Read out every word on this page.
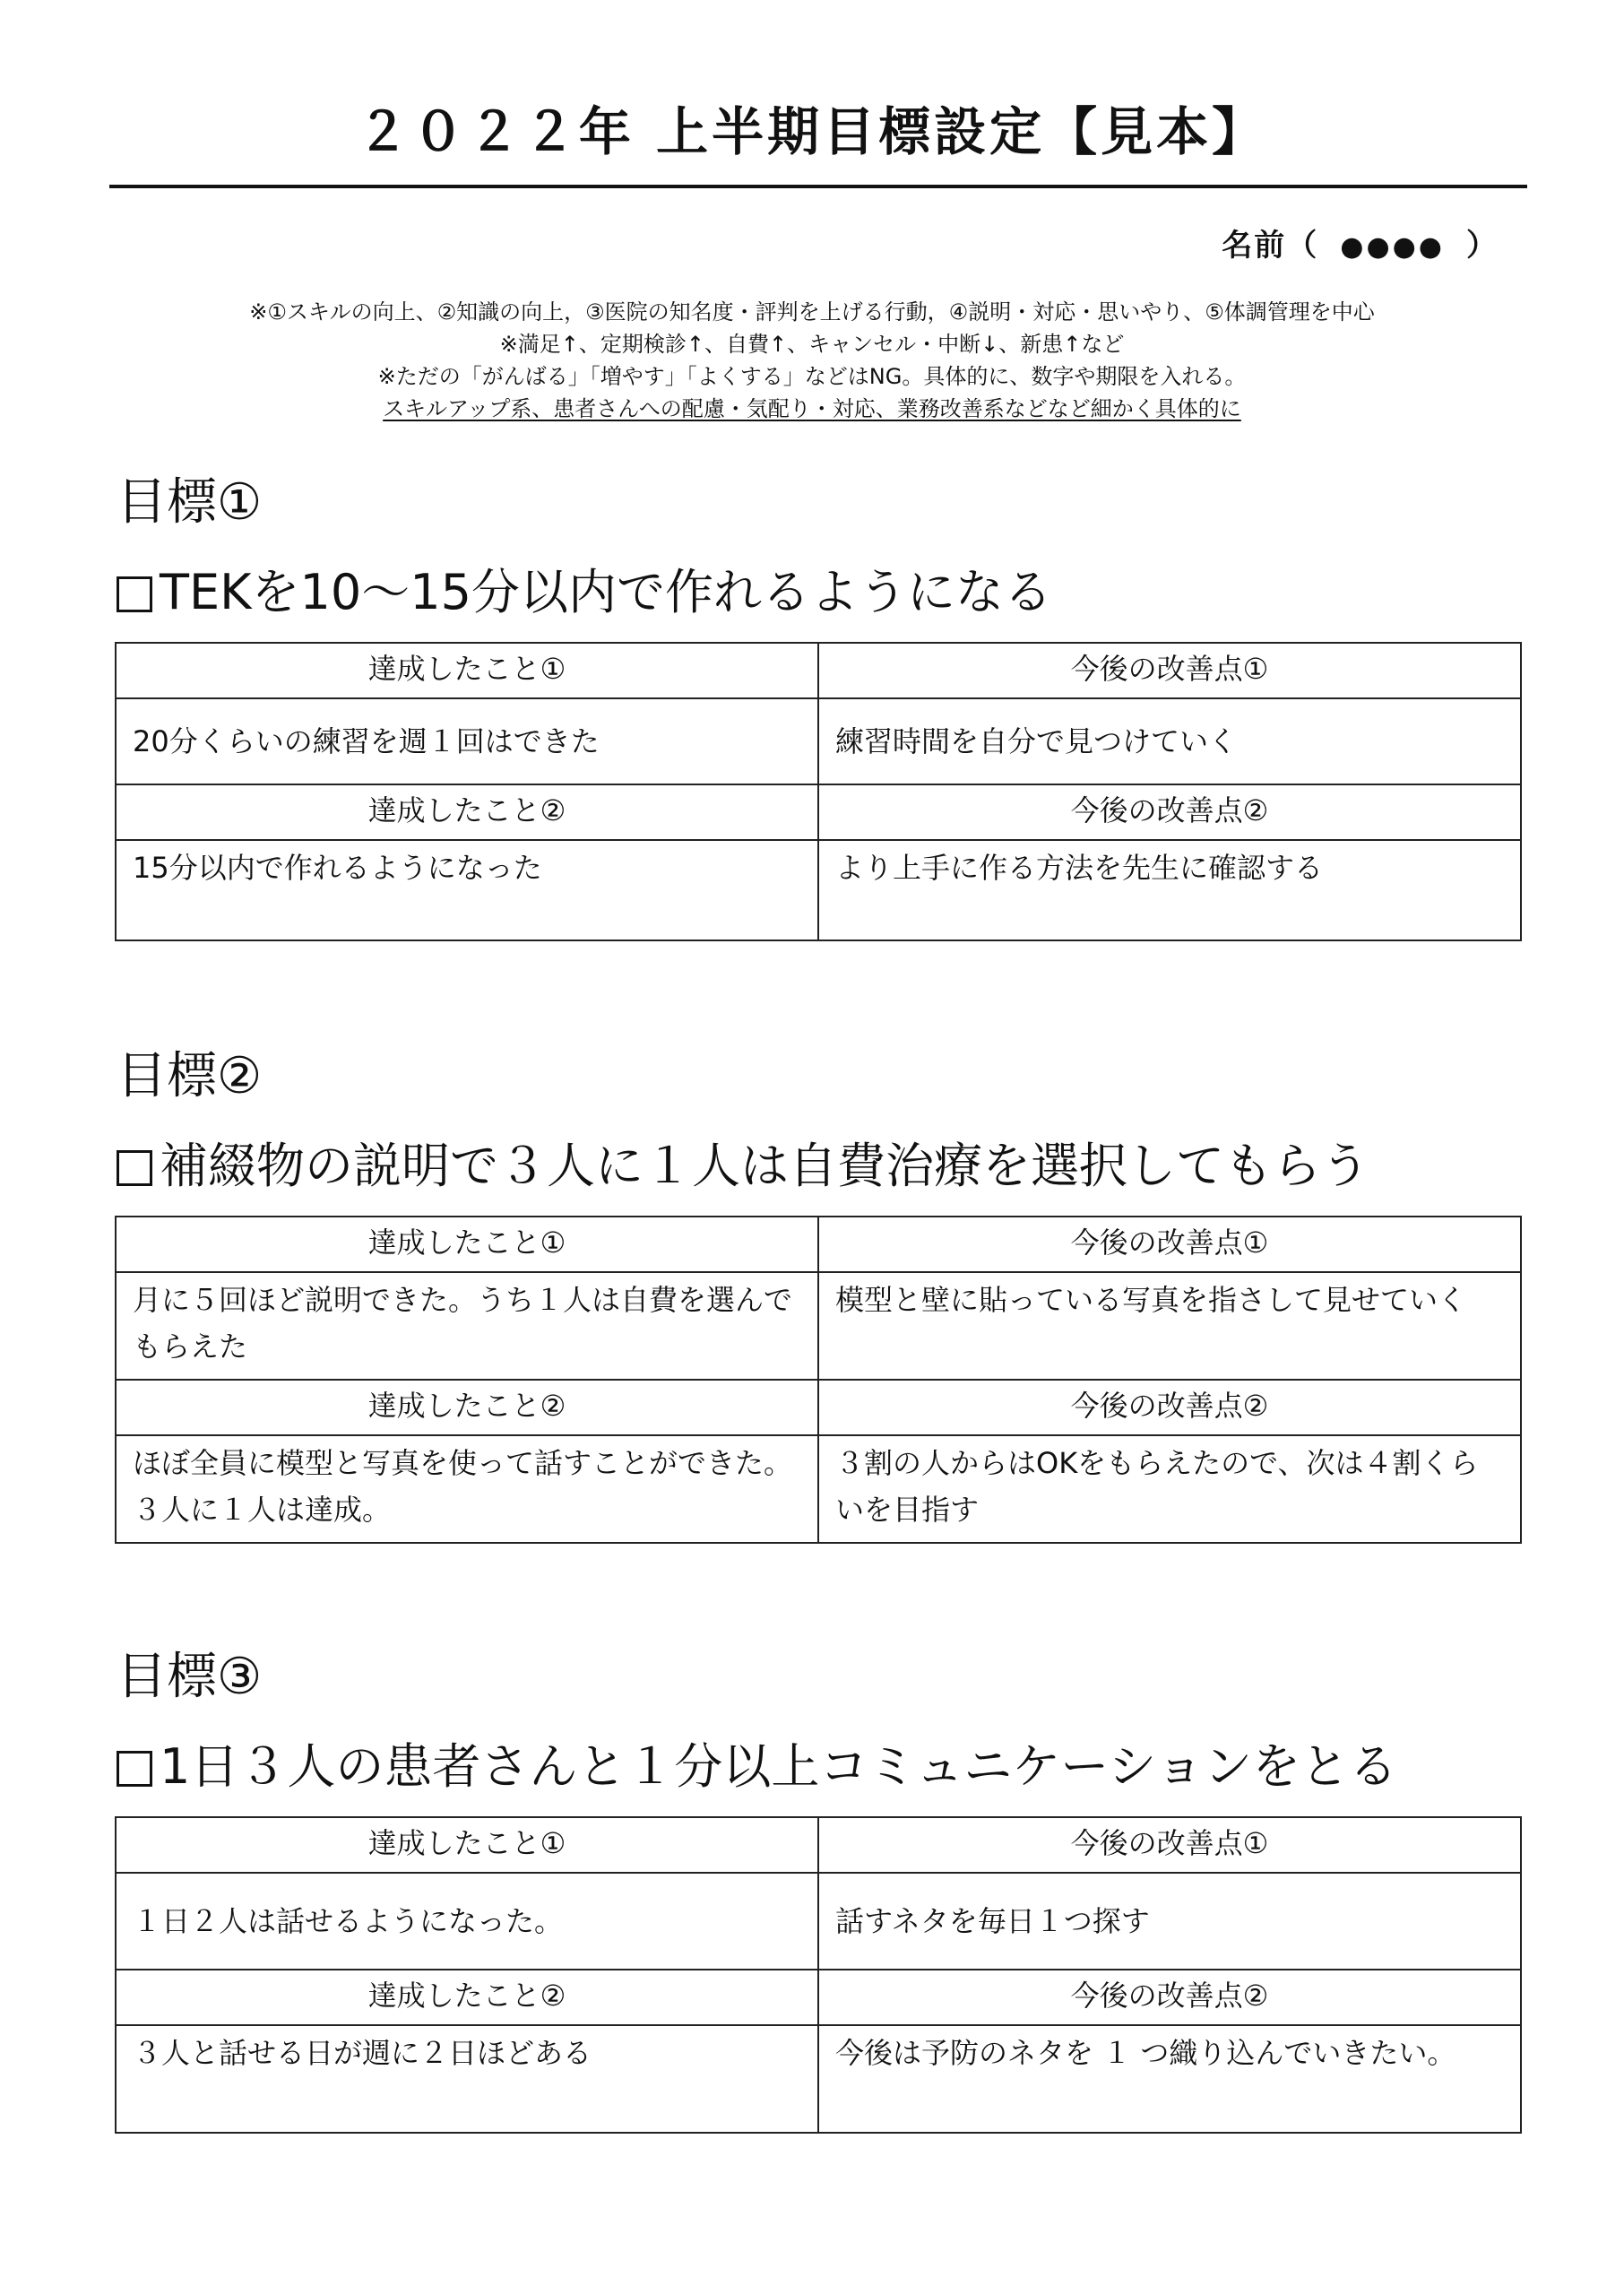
２０２２年 上半期目標設定【見本】
名前（ ●●●● ）
※①スキルの向上、②知識の向上，③医院の知名度・評判を上げる行動，④説明・対応・思いやり、⑤体調管理を中心
※満足↑、定期検診↑、自費↑、キャンセル・中断↓、新患↑など
※ただの「がんばる」「増やす」「よくする」などはNG。具体的に、数字や期限を入れる。
スキルアップ系、患者さんへの配慮・気配り・対応、業務改善系などなど細かく具体的に
目標①
TEKを10〜15分以内で作れるようになる
達成したこと①	今後の改善点①
20分くらいの練習を週１回はできた	練習時間を自分で見つけていく
達成したこと②	今後の改善点②
15分以内で作れるようになった	より上手に作る方法を先生に確認する
目標②
補綴物の説明で３人に１人は自費治療を選択してもらう
達成したこと①	今後の改善点①
月に５回ほど説明できた。うち１人は自費を選んでもらえた	模型と壁に貼っている写真を指さして見せていく
達成したこと②	今後の改善点②
ほぼ全員に模型と写真を使って話すことができた。３人に１人は達成。	３割の人からはOKをもらえたので、次は４割くらいを目指す
目標③
1日３人の患者さんと１分以上コミュニケーションをとる
達成したこと①	今後の改善点①
１日２人は話せるようになった。	話すネタを毎日１つ探す
達成したこと②	今後の改善点②
３人と話せる日が週に２日ほどある	今後は予防のネタを １ つ織り込んでいきたい。
